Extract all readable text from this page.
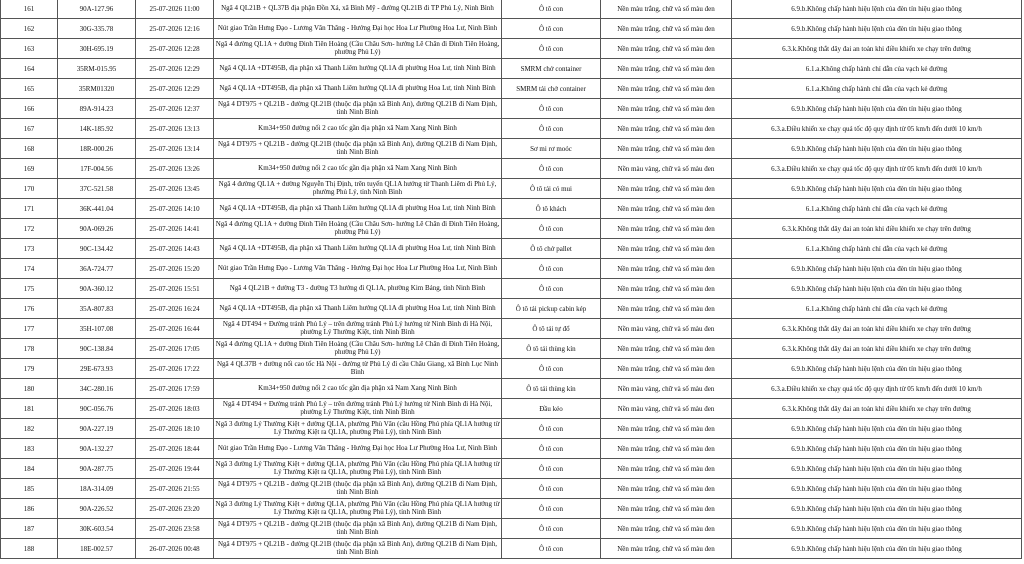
161	90A-127.96	25-07-2026 11:00	Ngã 4 QL21B + QL37B địa phận Đồn Xá, xã Bình Mỹ - đường QL21B đi TP Phủ Lý, Ninh Bình	Ô tô con	Nền màu trắng, chữ và số màu đen	6.9.b.Không chấp hành hiệu lệnh của đèn tín hiệu giao thông
162	30G-335.78	25-07-2026 12:16	Nút giao Trần Hưng Đạo - Lương Văn Thăng - Hướng Đại học Hoa Lư Phường Hoa Lư, Ninh Bình	Ô tô con	Nền màu trắng, chữ và số màu đen	6.9.b.Không chấp hành hiệu lệnh của đèn tín hiệu giao thông
163	30H-695.19	25-07-2026 12:28	Ngã 4 đường QL1A + đường Đinh Tiên Hoàng (Cầu Châu Sơn- hướng Lê Chân đi Đinh Tiên Hoàng, phường Phủ Lý)	Ô tô con	Nền màu trắng, chữ và số màu đen	6.3.k.Không thắt dây đai an toàn khi điều khiển xe chạy trên đường
164	35RM-015.95	25-07-2026 12:29	Ngã 4 QL1A +DT495B, địa phận xã Thanh Liêm hướng QL1A đi phường Hoa Lư, tỉnh Ninh Bình	SMRM chở container	Nền màu trắng, chữ và số màu đen	6.1.a.Không chấp hành chỉ dẫn của vạch kẻ đường
165	35RM01320	25-07-2026 12:29	Ngã 4 QL1A +DT495B, địa phận xã Thanh Liêm hướng QL1A đi phường Hoa Lư, tỉnh Ninh Bình	SMRM tải chở container	Nền màu trắng, chữ và số màu đen	6.1.a.Không chấp hành chỉ dẫn của vạch kẻ đường
166	89A-914.23	25-07-2026 12:37	Ngã 4 DT975 + QL21B - đường QL21B (thuộc địa phận xã Bình An), đường QL21B đi Nam Định, tỉnh Ninh Bình	Ô tô con	Nền màu trắng, chữ và số màu đen	6.9.b.Không chấp hành hiệu lệnh của đèn tín hiệu giao thông
167	14K-185.92	25-07-2026 13:13	Km34+950 đường nối 2 cao tốc gần địa phận xã Nam Xang Ninh Bình	Ô tô con	Nền màu trắng, chữ và số màu đen	6.3.a.Điều khiển xe chạy quá tốc độ quy định từ 05 km/h đến dưới 10 km/h
168	18R-000.26	25-07-2026 13:14	Ngã 4 DT975 + QL21B - đường QL21B (thuộc địa phận xã Bình An), đường QL21B đi Nam Định, tỉnh Ninh Bình	Sơ mi rơ moóc	Nền màu trắng, chữ và số màu đen	6.9.b.Không chấp hành hiệu lệnh của đèn tín hiệu giao thông
169	17F-004.56	25-07-2026 13:26	Km34+950 đường nối 2 cao tốc gần địa phận xã Nam Xang Ninh Bình	Ô tô con	Nền màu vàng, chữ và số màu đen	6.3.a.Điều khiển xe chạy quá tốc độ quy định từ 05 km/h đến dưới 10 km/h
170	37C-521.58	25-07-2026 13:45	Ngã 4 đường QL1A + đường Nguyễn Thị Định, trên tuyến QL1A hướng từ Thanh Liêm đi Phủ Lý, phường Phủ Lý, tỉnh Ninh Bình	Ô tô tải có mui	Nền màu trắng, chữ và số màu đen	6.9.b.Không chấp hành hiệu lệnh của đèn tín hiệu giao thông
171	36K-441.04	25-07-2026 14:10	Ngã 4 QL1A +DT495B, địa phận xã Thanh Liêm hướng QL1A đi phường Hoa Lư, tỉnh Ninh Bình	Ô tô khách	Nền màu trắng, chữ và số màu đen	6.1.a.Không chấp hành chỉ dẫn của vạch kẻ đường
172	90A-069.26	25-07-2026 14:41	Ngã 4 đường QL1A + đường Đinh Tiên Hoàng (Cầu Châu Sơn- hướng Lê Chân đi Đinh Tiên Hoàng, phường Phủ Lý)	Ô tô con	Nền màu trắng, chữ và số màu đen	6.3.k.Không thắt dây đai an toàn khi điều khiển xe chạy trên đường
173	90C-134.42	25-07-2026 14:43	Ngã 4 QL1A +DT495B, địa phận xã Thanh Liêm hướng QL1A đi phường Hoa Lư, tỉnh Ninh Bình	Ô tô chở pallet	Nền màu trắng, chữ và số màu đen	6.1.a.Không chấp hành chỉ dẫn của vạch kẻ đường
174	36A-724.77	25-07-2026 15:20	Nút giao Trần Hưng Đạo - Lương Văn Thăng - Hướng Đại học Hoa Lư Phường Hoa Lư, Ninh Bình	Ô tô con	Nền màu trắng, chữ và số màu đen	6.9.b.Không chấp hành hiệu lệnh của đèn tín hiệu giao thông
175	90A-360.12	25-07-2026 15:51	Ngã 4 QL21B + đường T3 - đường T3 hướng đi QL1A, phường Kim Bảng, tỉnh Ninh Bình	Ô tô con	Nền màu trắng, chữ và số màu đen	6.9.b.Không chấp hành hiệu lệnh của đèn tín hiệu giao thông
176	35A-807.83	25-07-2026 16:24	Ngã 4 QL1A +DT495B, địa phận xã Thanh Liêm hướng QL1A đi phường Hoa Lư, tỉnh Ninh Bình	Ô tô tải pickup cabin kép	Nền màu trắng, chữ và số màu đen	6.1.a.Không chấp hành chỉ dẫn của vạch kẻ đường
177	35H-107.08	25-07-2026 16:44	Ngã 4 DT494 + Đường tránh Phủ Lý – trên đường tránh Phủ Lý hướng từ Ninh Bình đi Hà Nội, phường Lý Thường Kiệt, tỉnh Ninh Bình	Ô tô tải tự đổ	Nền màu vàng, chữ và số màu đen	6.3.k.Không thắt dây đai an toàn khi điều khiển xe chạy trên đường
178	90C-138.84	25-07-2026 17:05	Ngã 4 đường QL1A + đường Đinh Tiên Hoàng (Cầu Châu Sơn- hướng Lê Chân đi Đinh Tiên Hoàng, phường Phủ Lý)	Ô tô tải thùng kín	Nền màu trắng, chữ và số màu đen	6.3.k.Không thắt dây đai an toàn khi điều khiển xe chạy trên đường
179	29E-673.93	25-07-2026 17:22	Ngã 4 QL37B + đường nối cao tốc Hà Nội - đường từ Phủ Lý đi cầu Châu Giang, xã Bình Lục Ninh Bình	Ô tô con	Nền màu trắng, chữ và số màu đen	6.9.b.Không chấp hành hiệu lệnh của đèn tín hiệu giao thông
180	34C-280.16	25-07-2026 17:59	Km34+950 đường nối 2 cao tốc gần địa phận xã Nam Xang Ninh Bình	Ô tô tải thùng kín	Nền màu vàng, chữ và số màu đen	6.3.a.Điều khiển xe chạy quá tốc độ quy định từ 05 km/h đến dưới 10 km/h
181	90C-056.76	25-07-2026 18:03	Ngã 4 DT494 + Đường tránh Phủ Lý – trên đường tránh Phủ Lý hướng từ Ninh Bình đi Hà Nội, phường Lý Thường Kiệt, tỉnh Ninh Bình	Đầu kéo	Nền màu vàng, chữ và số màu đen	6.3.k.Không thắt dây đai an toàn khi điều khiển xe chạy trên đường
182	90A-227.19	25-07-2026 18:10	Ngã 3 đường Lý Thường Kiệt + đường QL1A, phường Phù Vân (cầu Hồng Phú phía QL1A hướng từ Lý Thường Kiệt ra QL1A, phường Phủ Lý), tỉnh Ninh Bình	Ô tô con	Nền màu trắng, chữ và số màu đen	6.9.b.Không chấp hành hiệu lệnh của đèn tín hiệu giao thông
183	90A-132.27	25-07-2026 18:44	Nút giao Trần Hưng Đạo - Lương Văn Thăng - Hướng Đại học Hoa Lư Phường Hoa Lư, Ninh Bình	Ô tô con	Nền màu trắng, chữ và số màu đen	6.9.b.Không chấp hành hiệu lệnh của đèn tín hiệu giao thông
184	90A-287.75	25-07-2026 19:44	Ngã 3 đường Lý Thường Kiệt + đường QL1A, phường Phù Vân (cầu Hồng Phú phía QL1A hướng từ Lý Thường Kiệt ra QL1A, phường Phủ Lý), tỉnh Ninh Bình	Ô tô con	Nền màu trắng, chữ và số màu đen	6.9.b.Không chấp hành hiệu lệnh của đèn tín hiệu giao thông
185	18A-314.09	25-07-2026 21:55	Ngã 4 DT975 + QL21B - đường QL21B (thuộc địa phận xã Bình An), đường QL21B đi Nam Định, tỉnh Ninh Bình	Ô tô con	Nền màu trắng, chữ và số màu đen	6.9.b.Không chấp hành hiệu lệnh của đèn tín hiệu giao thông
186	90A-226.52	25-07-2026 23:20	Ngã 3 đường Lý Thường Kiệt + đường QL1A, phường Phù Vân (cầu Hồng Phú phía QL1A hướng từ Lý Thường Kiệt ra QL1A, phường Phủ Lý), tỉnh Ninh Bình	Ô tô con	Nền màu trắng, chữ và số màu đen	6.9.b.Không chấp hành hiệu lệnh của đèn tín hiệu giao thông
187	30K-603.54	25-07-2026 23:58	Ngã 4 DT975 + QL21B - đường QL21B (thuộc địa phận xã Bình An), đường QL21B đi Nam Định, tỉnh Ninh Bình	Ô tô con	Nền màu trắng, chữ và số màu đen	6.9.b.Không chấp hành hiệu lệnh của đèn tín hiệu giao thông
188	18E-002.57	26-07-2026 00:48	Ngã 4 DT975 + QL21B - đường QL21B (thuộc địa phận xã Bình An), đường QL21B đi Nam Định, tỉnh Ninh Bình	Ô tô con	Nền màu trắng, chữ và số màu đen	6.9.b.Không chấp hành hiệu lệnh của đèn tín hiệu giao thông
